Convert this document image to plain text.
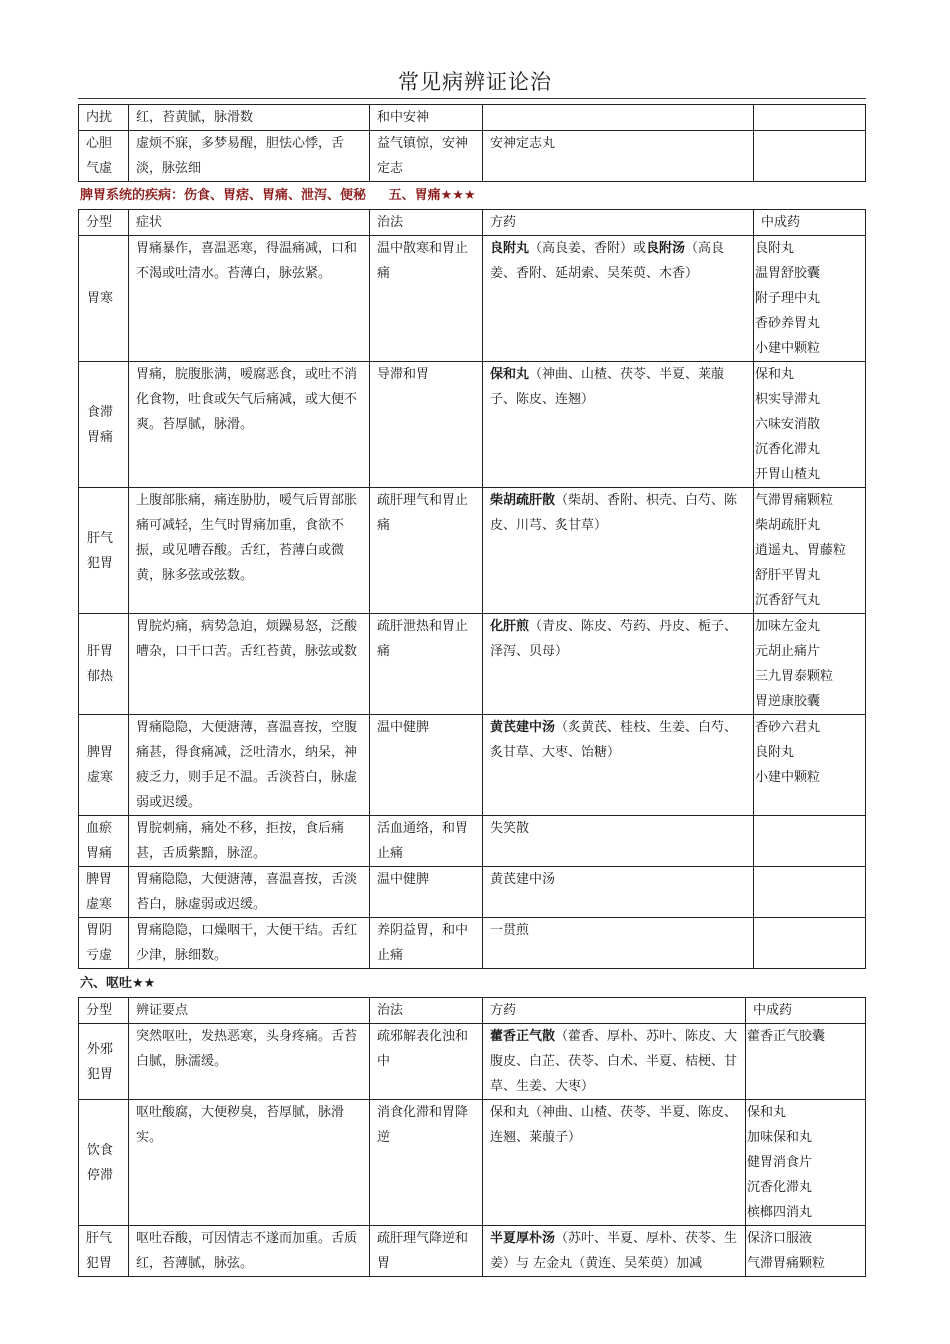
常见病辨证论治
内扰	红，苔黄腻，脉滑数	和中安神		
心胆气虚	虚烦不寐，多梦易醒，胆怯心悸，舌淡，脉弦细	益气镇惊，安神定志	安神定志丸	
脾胃系统的疾病：伤食、胃痞、胃痛、泄泻、便秘 五、胃痛★★★
分型	症状	治法	方药	中成药
胃寒	胃痛暴作，喜温恶寒，得温痛减，口和不渴或吐清水。苔薄白，脉弦紧。	温中散寒和胃止痛	良附丸（高良姜、香附）或良附汤（高良姜、香附、延胡索、吴茱萸、木香）	良附丸
温胃舒胶囊
附子理中丸
香砂养胃丸
小建中颗粒

食滞胃痛	胃痛，脘腹胀满，嗳腐恶食，或吐不消化食物，吐食或矢气后痛减，或大便不爽。苔厚腻，脉滑。	导滞和胃	保和丸（神曲、山楂、茯苓、半夏、莱菔子、陈皮、连翘）	保和丸
枳实导滞丸
六味安消散
沉香化滞丸
开胃山楂丸

肝气犯胃	上腹部胀痛，痛连胁肋，嗳气后胃部胀痛可减轻，生气时胃痛加重，食欲不振，或见嘈吞酸。舌红，苔薄白或微黄，脉多弦或弦数。	疏肝理气和胃止痛	柴胡疏肝散（柴胡、香附、枳壳、白芍、陈皮、川芎、炙甘草）	气滞胃痛颗粒
柴胡疏肝丸
逍遥丸、胃藤粒
舒肝平胃丸
沉香舒气丸

肝胃郁热	胃脘灼痛，病势急迫，烦躁易怒，泛酸嘈杂，口干口苦。舌红苔黄，脉弦或数	疏肝泄热和胃止痛	化肝煎（青皮、陈皮、芍药、丹皮、栀子、泽泻、贝母）	加味左金丸
元胡止痛片
三九胃泰颗粒
胃逆康胶囊

脾胃虚寒	胃痛隐隐，大便溏薄，喜温喜按，空腹痛甚，得食痛减，泛吐清水，纳呆，神疲乏力，则手足不温。舌淡苔白，脉虚弱或迟缓。	温中健脾	黄芪建中汤（炙黄芪、桂枝、生姜、白芍、炙甘草、大枣、饴糖）	香砂六君丸
良附丸
小建中颗粒

血瘀胃痛	胃脘刺痛，痛处不移，拒按，食后痛甚，舌质紫黯，脉涩。	活血通络，和胃止痛	失笑散	
脾胃虚寒	胃痛隐隐，大便溏薄，喜温喜按，舌淡苔白，脉虚弱或迟缓。	温中健脾	黄芪建中汤	
胃阴亏虚	胃痛隐隐，口燥咽干，大便干结。舌红少津，脉细数。	养阴益胃，和中止痛	一贯煎	
六、呕吐★★
分型	辨证要点	治法	方药	中成药
外邪犯胃	突然呕吐，发热恶寒，头身疼痛。舌苔白腻，脉濡缓。	疏邪解表化浊和中	藿香正气散（藿香、厚朴、苏叶、陈皮、大腹皮、白芷、茯苓、白术、半夏、桔梗、甘草、生姜、大枣）	藿香正气胶囊

饮食停滞	呕吐酸腐，大便秽臭，苔厚腻，脉滑实。	消食化滞和胃降逆	保和丸（神曲、山楂、茯苓、半夏、陈皮、连翘、莱菔子）	保和丸
加味保和丸
健胃消食片
沉香化滞丸
槟榔四消丸

肝气犯胃	呕吐吞酸，可因情志不遂而加重。舌质红，苔薄腻，脉弦。	疏肝理气降逆和胃	半夏厚朴汤（苏叶、半夏、厚朴、茯苓、生姜）与 左金丸（黄连、吴茱萸）加减	保济口服液
气滞胃痛颗粒
